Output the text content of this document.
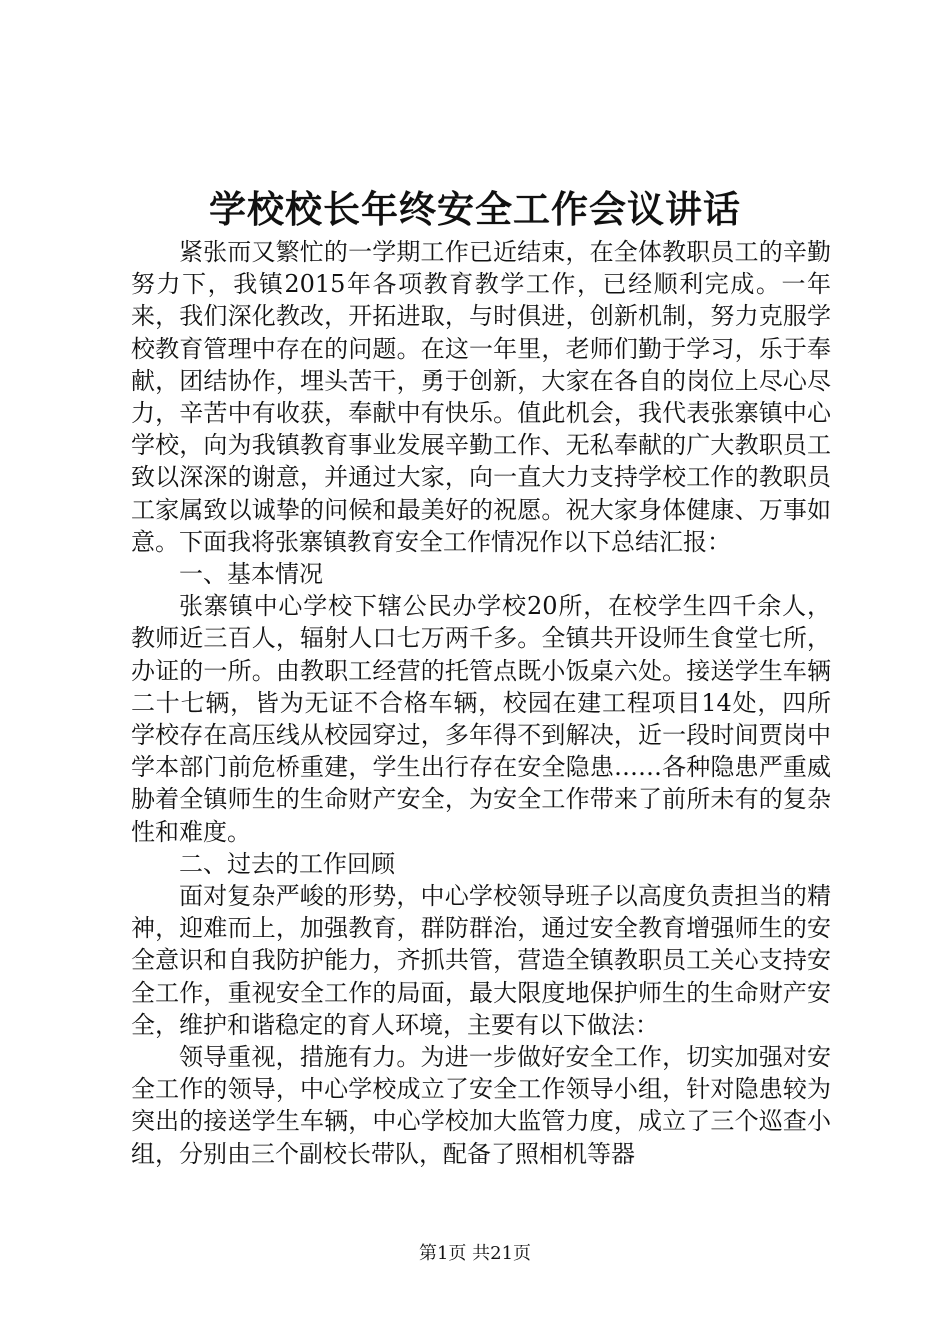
学校校长年终安全工作会议讲话

紧张而又繁忙的一学期工作已近结束，在全体教职员工的辛勤努力下，我镇2015年各项教育教学工作，已经顺利完成。一年来，我们深化教改，开拓进取，与时俱进，创新机制，努力克服学校教育管理中存在的问题。在这一年里，老师们勤于学习，乐于奉献，团结协作，埋头苦干，勇于创新，大家在各自的岗位上尽心尽力，辛苦中有收获，奉献中有快乐。值此机会，我代表张寨镇中心学校，向为我镇教育事业发展辛勤工作、无私奉献的广大教职员工致以深深的谢意，并通过大家，向一直大力支持学校工作的教职员工家属致以诚挚的问候和最美好的祝愿。祝大家身体健康、万事如意。下面我将张寨镇教育安全工作情况作以下总结汇报：

一、基本情况

张寨镇中心学校下辖公民办学校20所，在校学生四千余人，教师近三百人，辐射人口七万两千多。全镇共开设师生食堂七所，办证的一所。由教职工经营的托管点既小饭桌六处。接送学生车辆二十七辆，皆为无证不合格车辆，校园在建工程项目14处，四所学校存在高压线从校园穿过，多年得不到解决，近一段时间贾岗中学本部门前危桥重建，学生出行存在安全隐患……各种隐患严重威胁着全镇师生的生命财产安全，为安全工作带来了前所未有的复杂性和难度。

二、过去的工作回顾

面对复杂严峻的形势，中心学校领导班子以高度负责担当的精神，迎难而上，加强教育，群防群治，通过安全教育增强师生的安全意识和自我防护能力，齐抓共管，营造全镇教职员工关心支持安全工作，重视安全工作的局面，最大限度地保护师生的生命财产安全，维护和谐稳定的育人环境，主要有以下做法：

领导重视，措施有力。为进一步做好安全工作，切实加强对安全工作的领导，中心学校成立了安全工作领导小组，针对隐患较为突出的接送学生车辆，中心学校加大监管力度，成立了三个巡查小组，分别由三个副校长带队，配备了照相机等器

第1页 共21页
